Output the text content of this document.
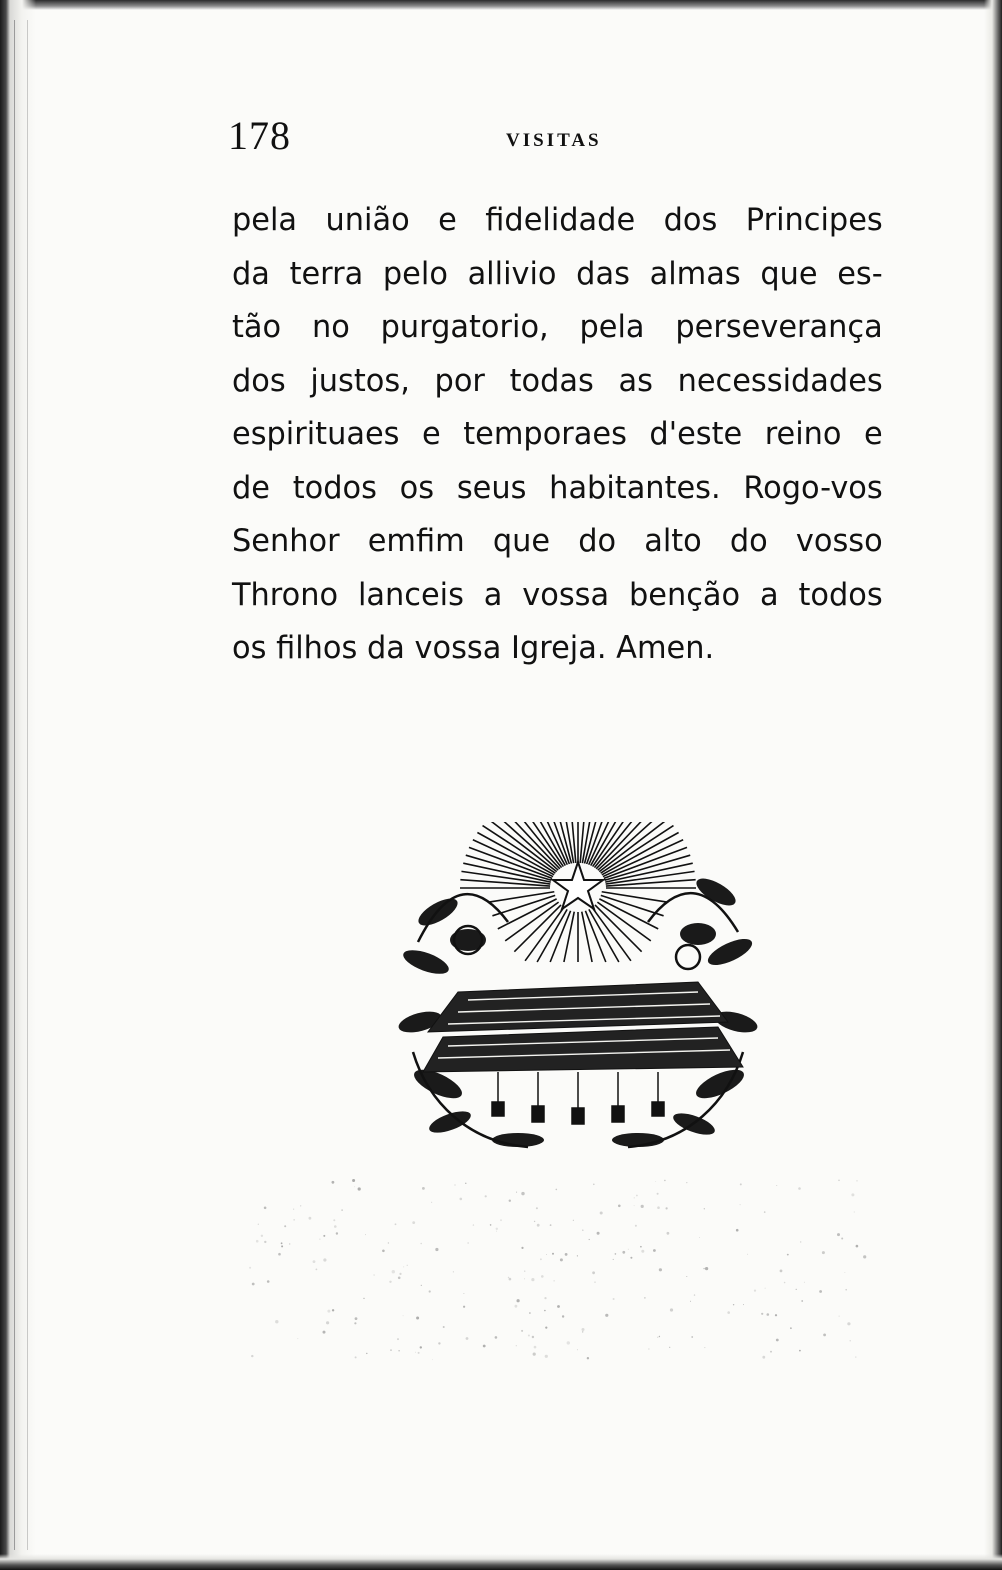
178	VISITAS
pela união e fidelidade dos Principes
da terra pelo allivio das almas que es-
tão no purgatorio, pela perseverança
dos justos, por todas as necessidades
espirituaes e temporaes d'este reino e
de todos os seus habitantes. Rogo-vos
Senhor emfim que do alto do vosso
Throno lanceis a vossa benção a todos
os filhos da vossa Igreja. Amen.
